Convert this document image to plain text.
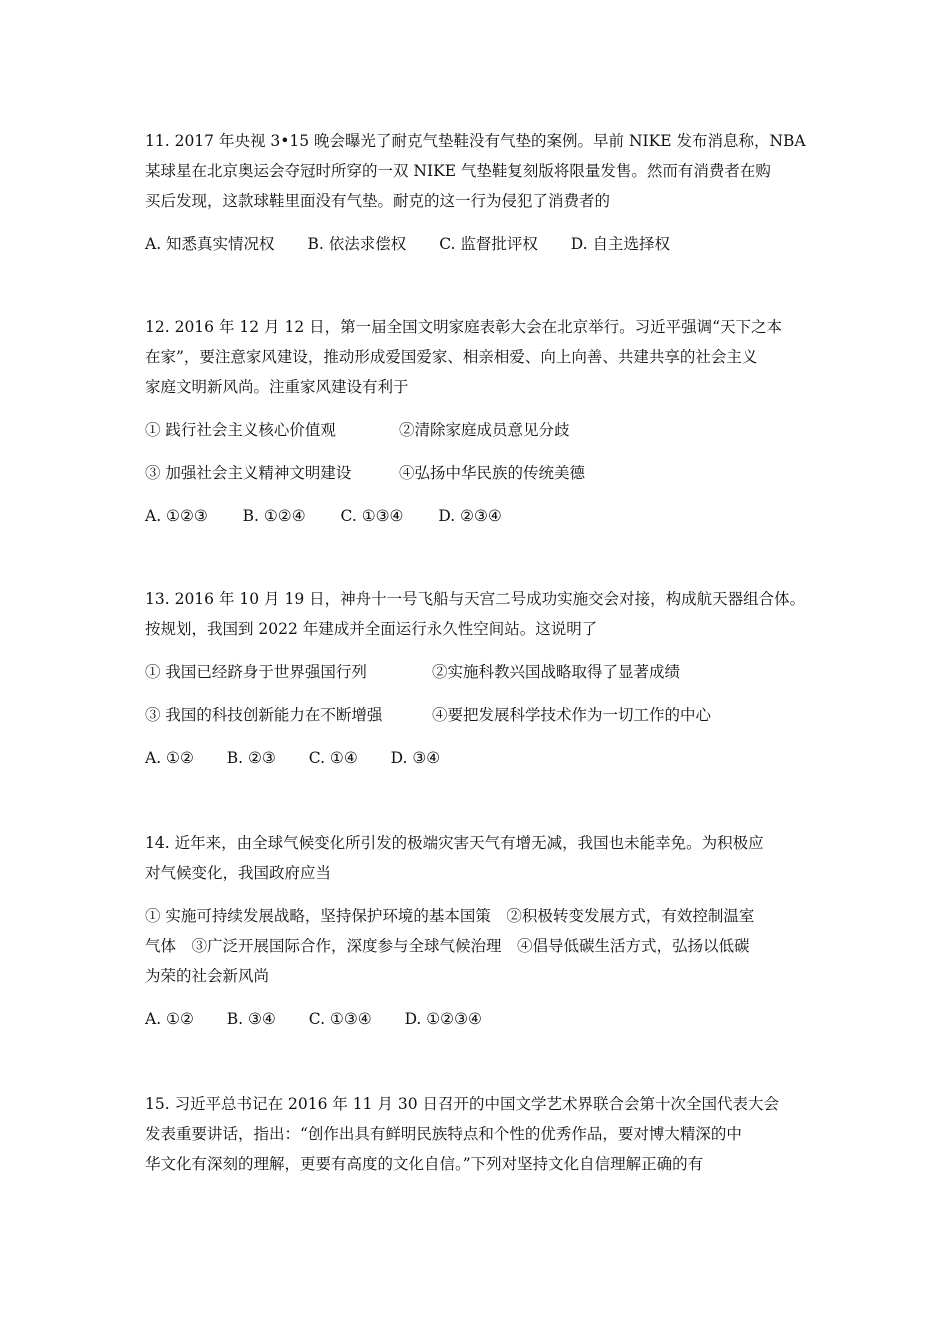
11. 2017 年央视 3•15 晚会曝光了耐克气垫鞋没有气垫的案例。早前 NIKE 发布消息称，NBA
某球星在北京奥运会夺冠时所穿的一双 NIKE 气垫鞋复刻版将限量发售。然而有消费者在购
买后发现，这款球鞋里面没有气垫。耐克的这一行为侵犯了消费者的

A. 知悉真实情况权 B. 依法求偿权 C. 监督批评权 D. 自主选择权

12. 2016 年 12 月 12 日，第一届全国文明家庭表彰大会在北京举行。习近平强调“天下之本
在家”，要注意家风建设，推动形成爱国爱家、相亲相爱、向上向善、共建共享的社会主义
家庭文明新风尚。注重家风建设有利于

① 践行社会主义核心价值观	②清除家庭成员意见分歧
③ 加强社会主义精神文明建设	④弘扬中华民族的传统美德
A. ①②③ B. ①②④ C. ①③④ D. ②③④

13. 2016 年 10 月 19 日，神舟十一号飞船与天宫二号成功实施交会对接，构成航天器组合体。
按规划，我国到 2022 年建成并全面运行永久性空间站。这说明了

① 我国已经跻身于世界强国行列	②实施科教兴国战略取得了显著成绩
③ 我国的科技创新能力在不断增强	④要把发展科学技术作为一切工作的中心
A. ①② B. ②③ C. ①④ D. ③④

14. 近年来，由全球气候变化所引发的极端灾害天气有增无减，我国也未能幸免。为积极应
对气候变化，我国政府应当

① 实施可持续发展战略，坚持保护环境的基本国策　②积极转变发展方式，有效控制温室
气体　③广泛开展国际合作，深度参与全球气候治理　④倡导低碳生活方式，弘扬以低碳
为荣的社会新风尚

A. ①② B. ③④ C. ①③④ D. ①②③④

15. 习近平总书记在 2016 年 11 月 30 日召开的中国文学艺术界联合会第十次全国代表大会
发表重要讲话，指出：“创作出具有鲜明民族特点和个性的优秀作品，要对博大精深的中
华文化有深刻的理解，更要有高度的文化自信。”下列对坚持文化自信理解正确的有
